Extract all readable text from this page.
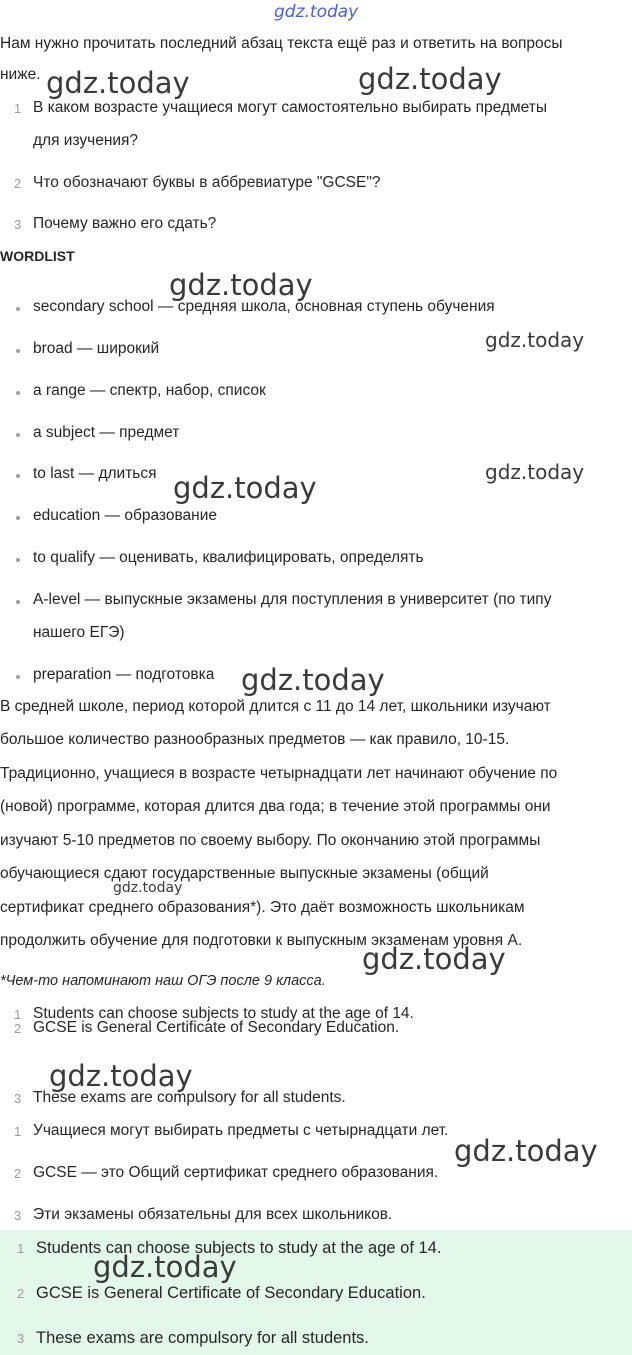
gdz.today
Нам нужно прочитать последний абзац текста ещё раз и ответить на вопросы
ниже.
1 В каком возрасте учащиеся могут самостоятельно выбирать предметы
для изучения?
2 Что обозначают буквы в аббревиатуре "GCSE"?
3 Почему важно его сдать?
WORDLIST
secondary school — средняя школа, основная ступень обучения
broad — широкий
a range — спектр, набор, список
a subject — предмет
to last — длиться
education — образование
to qualify — оценивать, квалифицировать, определять
A-level — выпускные экзамены для поступления в университет (по типу
нашего ЕГЭ)
preparation — подготовка
В средней школе, период которой длится с 11 до 14 лет, школьники изучают
большое количество разнообразных предметов — как правило, 10-15.
Традиционно, учащиеся в возрасте четырнадцати лет начинают обучение по
(новой) программе, которая длится два года; в течение этой программы они
изучают 5-10 предметов по своему выбору. По окончанию этой программы
обучающиеся сдают государственные выпускные экзамены (общий
сертификат среднего образования*). Это даёт возможность школьникам
продолжить обучение для подготовки к выпускным экзаменам уровня А.
*Чем-то напоминают наш ОГЭ после 9 класса.
1 Students can choose subjects to study at the age of 14.
2 GCSE is General Certificate of Secondary Education.
3 These exams are compulsory for all students.
1 Учащиеся могут выбирать предметы с четырнадцати лет.
2 GCSE — это Общий сертификат среднего образования.
3 Эти экзамены обязательны для всех школьников.
1 Students can choose subjects to study at the age of 14.
2 GCSE is General Certificate of Secondary Education.
3 These exams are compulsory for all students.
gdz.today	gdz.today
gdz.today
gdz.today
gdz.today
gdz.today
gdz.today
gdz.today
gdz.today
gdz.today
gdz.today
gdz.today
